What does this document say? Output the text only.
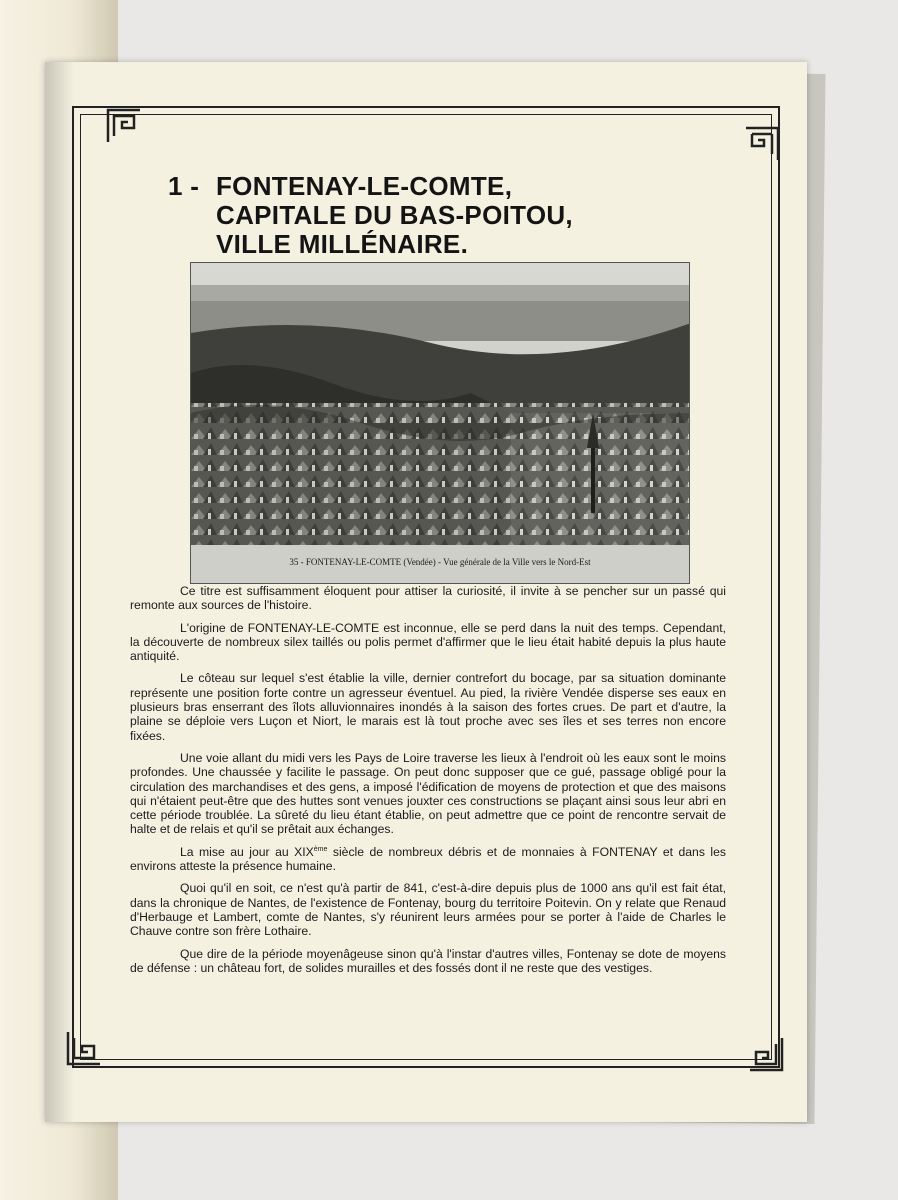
1 - FONTENAY-LE-COMTE,
CAPITALE DU BAS-POITOU,
VILLE MILLÉNAIRE.
35 - FONTENAY-LE-COMTE (Vendée) - Vue générale de la Ville vers le Nord-Est

Ce titre est suffisamment éloquent pour attiser la curiosité, il invite à se pencher sur un passé qui remonte aux sources de l'histoire.

L'origine de FONTENAY-LE-COMTE est inconnue, elle se perd dans la nuit des temps. Cependant, la découverte de nombreux silex taillés ou polis permet d'affirmer que le lieu était habité depuis la plus haute antiquité.

Le côteau sur lequel s'est établie la ville, dernier contrefort du bocage, par sa situation dominante représente une position forte contre un agresseur éventuel. Au pied, la rivière Vendée disperse ses eaux en plusieurs bras enserrant des îlots alluvionnaires inondés à la saison des fortes crues. De part et d'autre, la plaine se déploie vers Luçon et Niort, le marais est là tout proche avec ses îles et ses terres non encore fixées.

Une voie allant du midi vers les Pays de Loire traverse les lieux à l'endroit où les eaux sont le moins profondes. Une chaussée y facilite le passage. On peut donc supposer que ce gué, passage obligé pour la circulation des marchandises et des gens, a imposé l'édification de moyens de protection et que des maisons qui n'étaient peut-être que des huttes sont venues jouxter ces constructions se plaçant ainsi sous leur abri en cette période troublée. La sûreté du lieu étant établie, on peut admettre que ce point de rencontre servait de halte et de relais et qu'il se prêtait aux échanges.

La mise au jour au XIXème siècle de nombreux débris et de monnaies à FONTENAY et dans les environs atteste la présence humaine.

Quoi qu'il en soit, ce n'est qu'à partir de 841, c'est-à-dire depuis plus de 1000 ans qu'il est fait état, dans la chronique de Nantes, de l'existence de Fontenay, bourg du territoire Poitevin. On y relate que Renaud d'Herbauge et Lambert, comte de Nantes, s'y réunirent leurs armées pour se porter à l'aide de Charles le Chauve contre son frère Lothaire.

Que dire de la période moyenâgeuse sinon qu'à l'instar d'autres villes, Fontenay se dote de moyens de défense : un château fort, de solides murailles et des fossés dont il ne reste que des vestiges.
